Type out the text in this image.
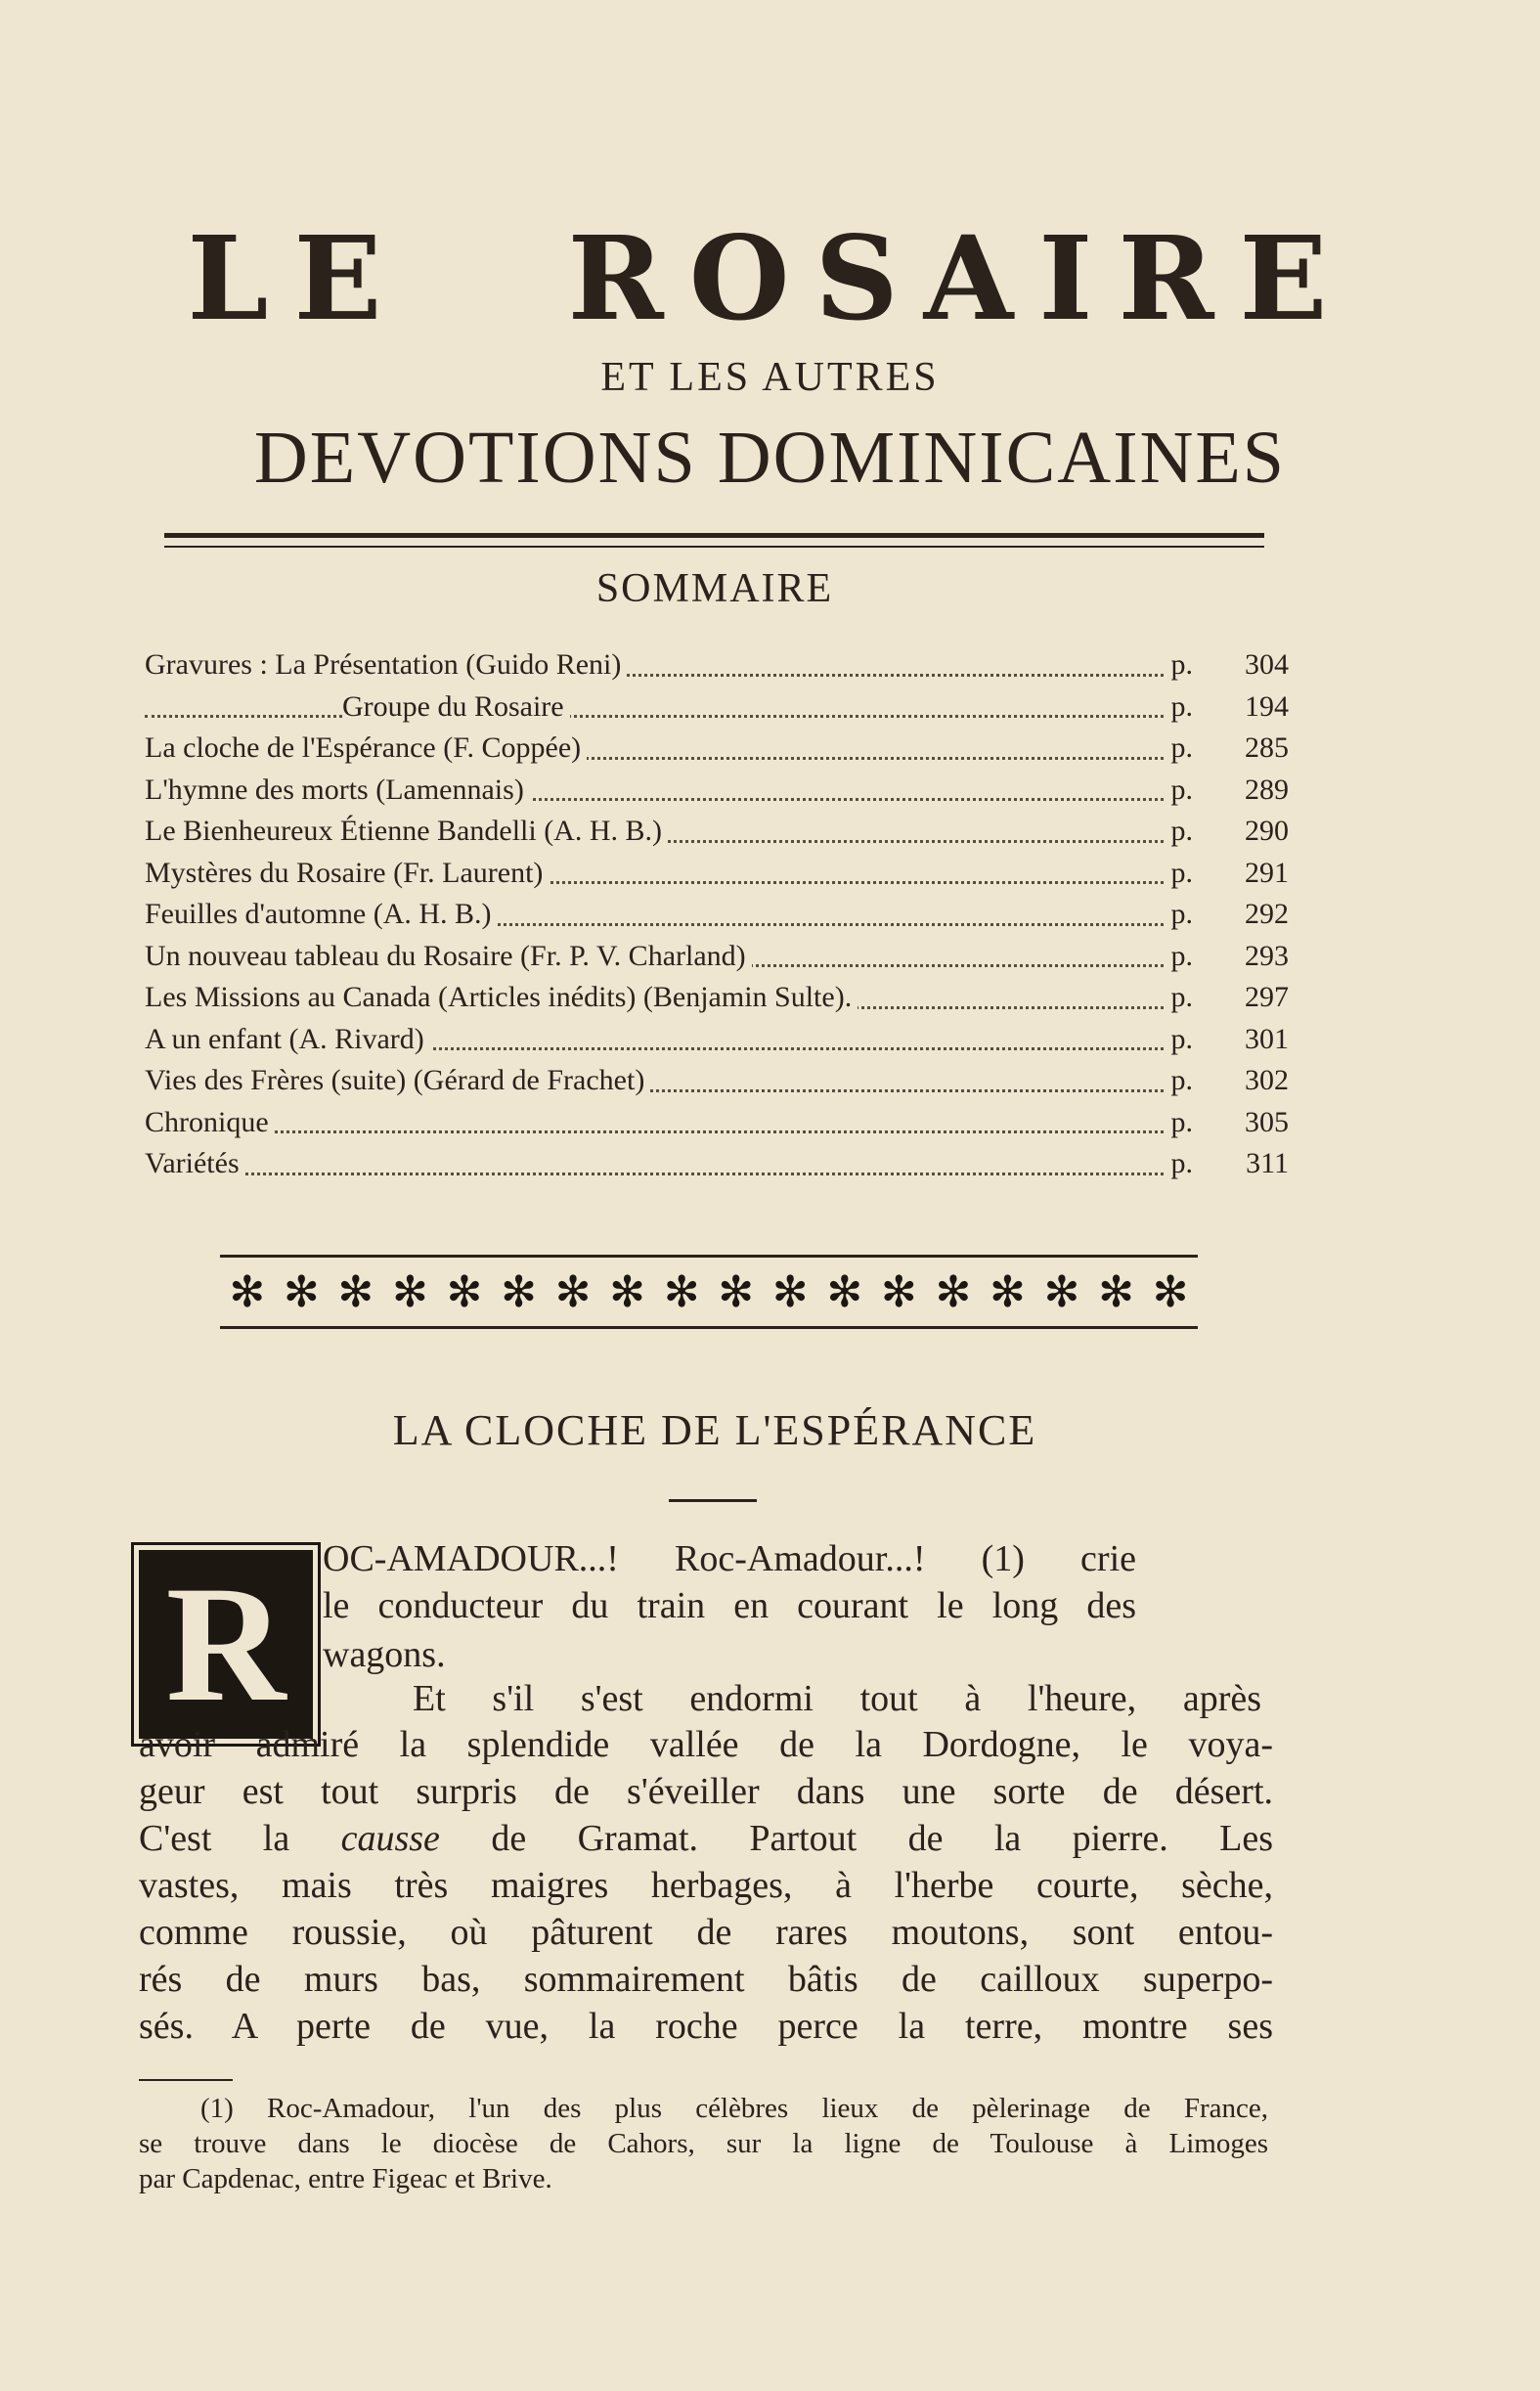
LE ROSAIRE
ET LES AUTRES
DEVOTIONS DOMINICAINES
SOMMAIRE
Gravures : La Présentation (Guido Reni)	p.	304
Groupe du Rosaire	p.	194
La cloche de l'Espérance (F. Coppée)	p.	285
L'hymne des morts (Lamennais)	p.	289
Le Bienheureux Étienne Bandelli (A. H. B.)	p.	290
Mystères du Rosaire (Fr. Laurent)	p.	291
Feuilles d'automne (A. H. B.)	p.	292
Un nouveau tableau du Rosaire (Fr. P. V. Charland)	p.	293
Les Missions au Canada (Articles inédits) (Benjamin Sulte).	p.	297
A un enfant (A. Rivard)	p.	301
Vies des Frères (suite) (Gérard de Frachet)	p.	302
Chronique	p.	305
Variétés	p.	311
✻ ✻ ✻ ✻ ✻ ✻ ✻ ✻ ✻ ✻ ✻ ✻ ✻ ✻ ✻ ✻ ✻ ✻
LA CLOCHE DE L'ESPÉRANCE
R OC-AMADOUR...! Roc-Amadour...! (1) crie
le conducteur du train en courant le long des
wagons.
Et s'il s'est endormi tout à l'heure, après
avoir admiré la splendide vallée de la Dordogne, le voya-
geur est tout surpris de s'éveiller dans une sorte de désert.
C'est la causse de Gramat. Partout de la pierre. Les
vastes, mais très maigres herbages, à l'herbe courte, sèche,
comme roussie, où pâturent de rares moutons, sont entou-
rés de murs bas, sommairement bâtis de cailloux superpo-
sés. A perte de vue, la roche perce la terre, montre ses
(1) Roc-Amadour, l'un des plus célèbres lieux de pèlerinage de France,
se trouve dans le diocèse de Cahors, sur la ligne de Toulouse à Limoges
par Capdenac, entre Figeac et Brive.
